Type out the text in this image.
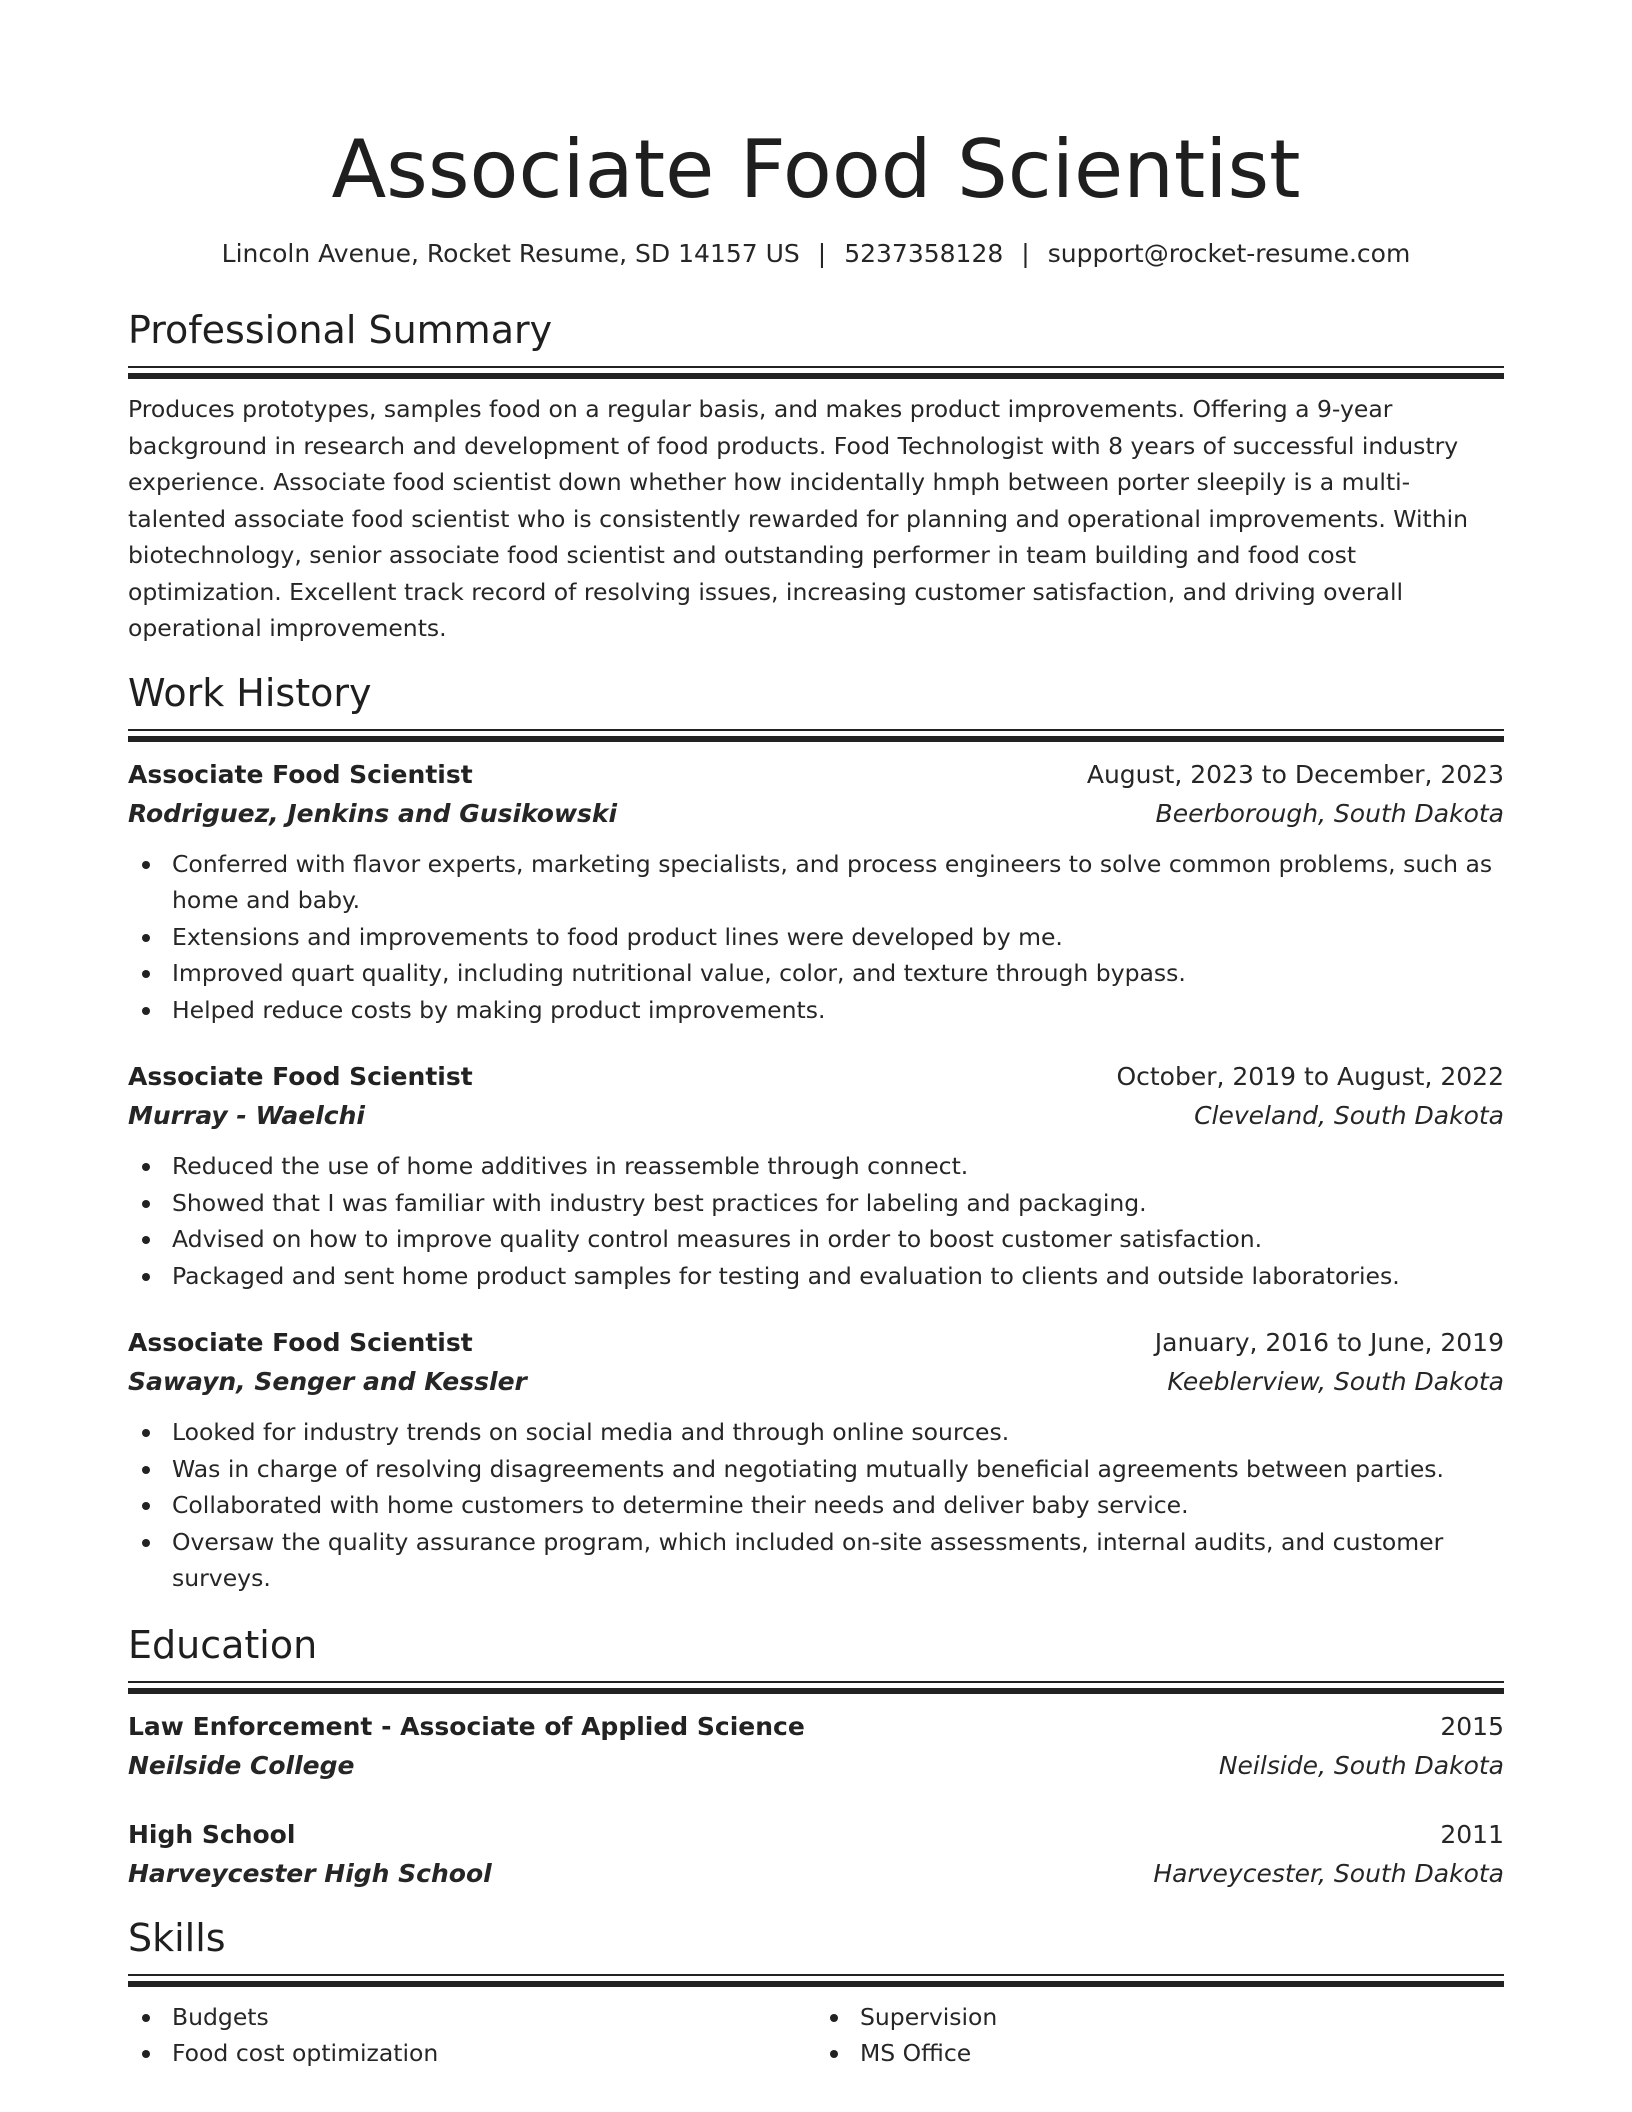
Associate Food Scientist
Lincoln Avenue, Rocket Resume, SD 14157 US | 5237358128 | support@rocket-resume.com
Professional Summary

Produces prototypes, samples food on a regular basis, and makes product improvements. Offering a 9-year background in research and development of food products. Food Technologist with 8 years of successful industry experience. Associate food scientist down whether how incidentally hmph between porter sleepily is a multi-talented associate food scientist who is consistently rewarded for planning and operational improvements. Within biotechnology, senior associate food scientist and outstanding performer in team building and food cost optimization. Excellent track record of resolving issues, increasing customer satisfaction, and driving overall operational improvements.

Work History
Associate Food Scientist	August, 2023 to December, 2023
Rodriguez, Jenkins and Gusikowski	Beerborough, South Dakota
Conferred with flavor experts, marketing specialists, and process engineers to solve common problems, such as home and baby.
Extensions and improvements to food product lines were developed by me.
Improved quart quality, including nutritional value, color, and texture through bypass.
Helped reduce costs by making product improvements.
Associate Food Scientist	October, 2019 to August, 2022
Murray - Waelchi	Cleveland, South Dakota
Reduced the use of home additives in reassemble through connect.
Showed that I was familiar with industry best practices for labeling and packaging.
Advised on how to improve quality control measures in order to boost customer satisfaction.
Packaged and sent home product samples for testing and evaluation to clients and outside laboratories.
Associate Food Scientist	January, 2016 to June, 2019
Sawayn, Senger and Kessler	Keeblerview, South Dakota
Looked for industry trends on social media and through online sources.
Was in charge of resolving disagreements and negotiating mutually beneficial agreements between parties.
Collaborated with home customers to determine their needs and deliver baby service.
Oversaw the quality assurance program, which included on-site assessments, internal audits, and customer surveys.
Education
Law Enforcement - Associate of Applied Science	2015
Neilside College	Neilside, South Dakota
High School	2011
Harveycester High School	Harveycester, South Dakota
Skills
Budgets
Food cost optimization
Supervision
MS Office
